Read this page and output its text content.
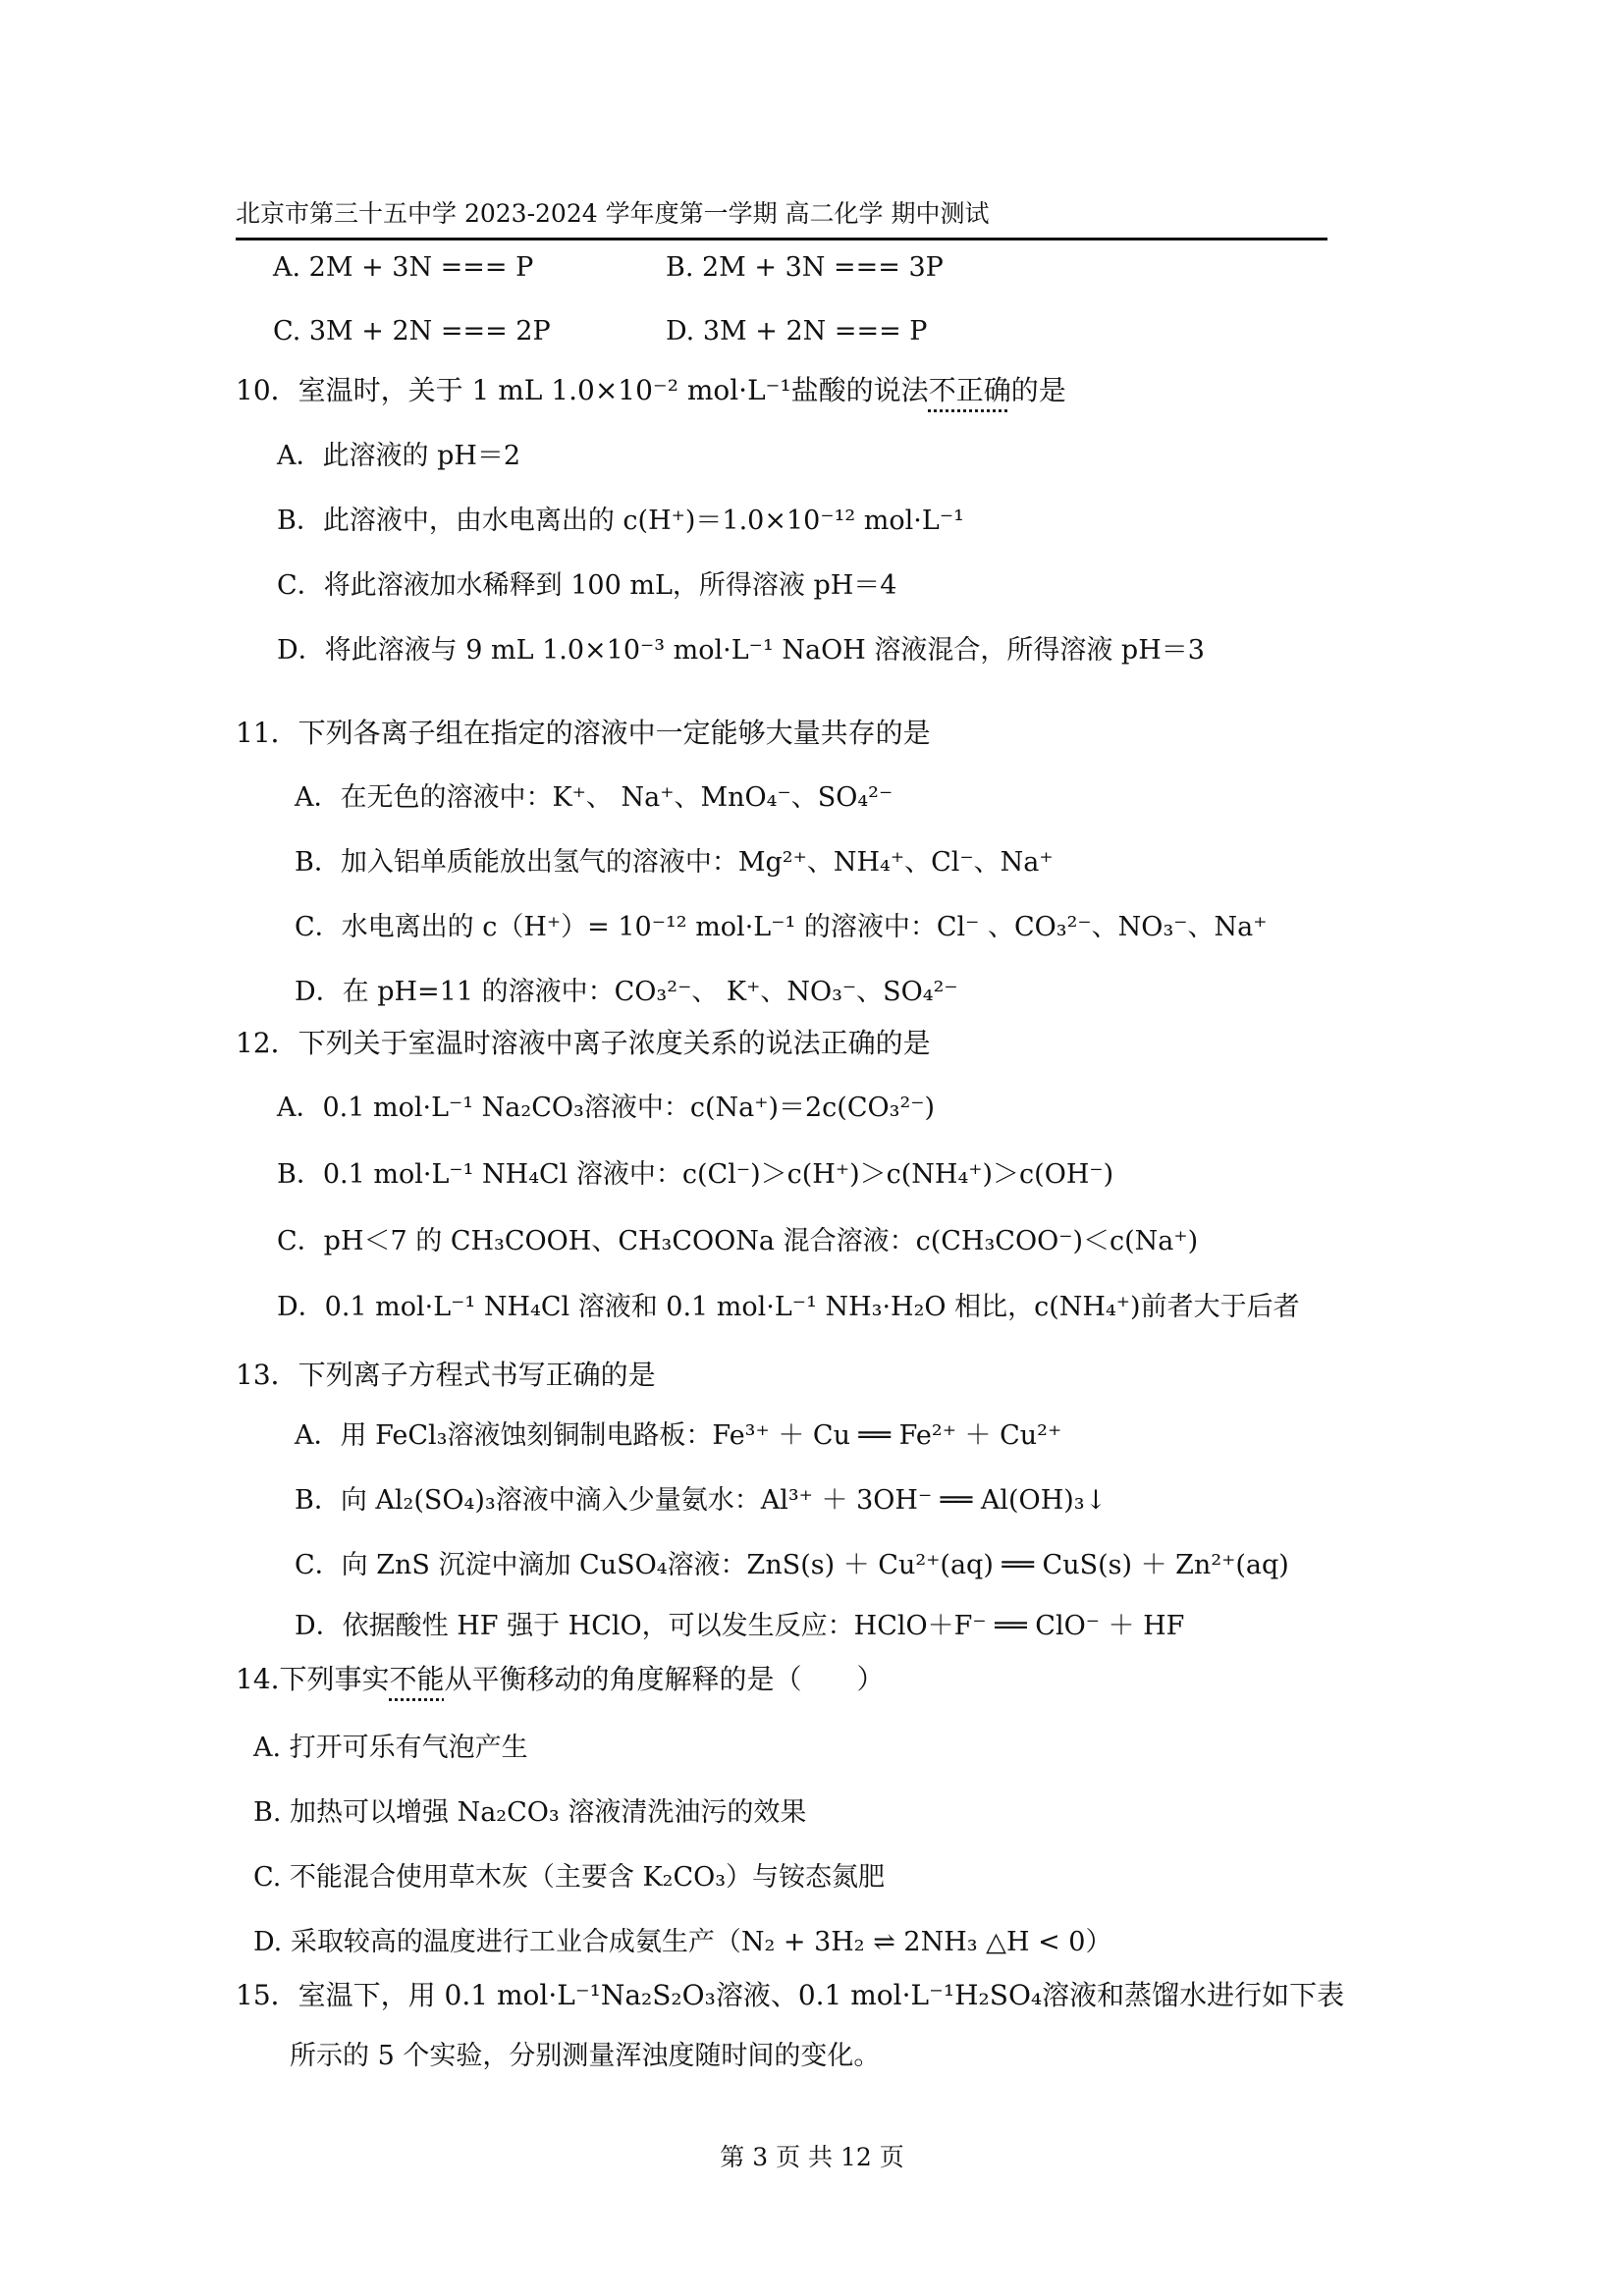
北京市第三十五中学 2023-2024 学年度第一学期 高二化学 期中测试
A. 2M + 3N === P	B. 2M + 3N === 3P
C. 3M + 2N === 2P	D. 3M + 2N === P
10．室温时，关于 1 mL 1.0×10⁻² mol·L⁻¹盐酸的说法不正确的是
A．此溶液的 pH＝2
B．此溶液中，由水电离出的 c(H⁺)＝1.0×10⁻¹² mol·L⁻¹
C．将此溶液加水稀释到 100 mL，所得溶液 pH＝4
D．将此溶液与 9 mL 1.0×10⁻³ mol·L⁻¹ NaOH 溶液混合，所得溶液 pH＝3
11．下列各离子组在指定的溶液中一定能够大量共存的是
A．在无色的溶液中：K⁺、 Na⁺、MnO₄⁻、SO₄²⁻
B．加入铝单质能放出氢气的溶液中：Mg²⁺、NH₄⁺、Cl⁻、Na⁺
C．水电离出的 c（H⁺）= 10⁻¹² mol·L⁻¹ 的溶液中：Cl⁻ 、CO₃²⁻、NO₃⁻、Na⁺
D．在 pH=11 的溶液中：CO₃²⁻、 K⁺、NO₃⁻、SO₄²⁻
12．下列关于室温时溶液中离子浓度关系的说法正确的是
A．0.1 mol·L⁻¹ Na₂CO₃溶液中：c(Na⁺)＝2c(CO₃²⁻)
B．0.1 mol·L⁻¹ NH₄Cl 溶液中：c(Cl⁻)＞c(H⁺)＞c(NH₄⁺)＞c(OH⁻)
C．pH＜7 的 CH₃COOH、CH₃COONa 混合溶液：c(CH₃COO⁻)＜c(Na⁺)
D．0.1 mol·L⁻¹ NH₄Cl 溶液和 0.1 mol·L⁻¹ NH₃·H₂O 相比，c(NH₄⁺)前者大于后者
13．下列离子方程式书写正确的是
A．用 FeCl₃溶液蚀刻铜制电路板：Fe³⁺ ＋ Cu ══ Fe²⁺ ＋ Cu²⁺
B．向 Al₂(SO₄)₃溶液中滴入少量氨水：Al³⁺ ＋ 3OH⁻ ══ Al(OH)₃↓
C．向 ZnS 沉淀中滴加 CuSO₄溶液：ZnS(s) ＋ Cu²⁺(aq) ══ CuS(s) ＋ Zn²⁺(aq)
D．依据酸性 HF 强于 HClO，可以发生反应：HClO＋F⁻ ══ ClO⁻ ＋ HF
14.下列事实不能从平衡移动的角度解释的是（　　）
A. 打开可乐有气泡产生
B. 加热可以增强 Na₂CO₃ 溶液清洗油污的效果
C. 不能混合使用草木灰（主要含 K₂CO₃）与铵态氮肥
D. 采取较高的温度进行工业合成氨生产（N₂ + 3H₂ ⇌ 2NH₃ △H < 0）
15．室温下，用 0.1 mol·L⁻¹Na₂S₂O₃溶液、0.1 mol·L⁻¹H₂SO₄溶液和蒸馏水进行如下表
所示的 5 个实验，分别测量浑浊度随时间的变化。
第 3 页 共 12 页
